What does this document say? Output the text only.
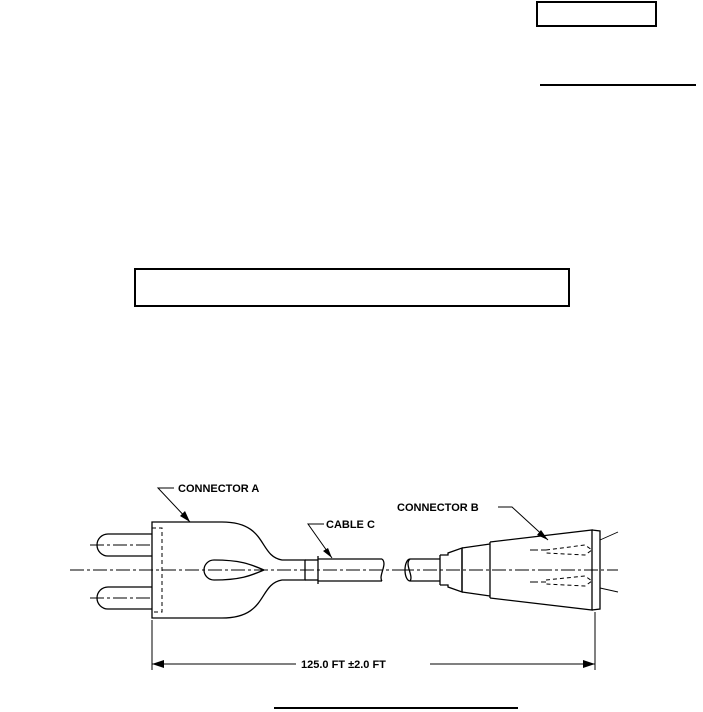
CONNECTOR A
CABLE C
CONNECTOR B
125.0 FT ±2.0 FT
